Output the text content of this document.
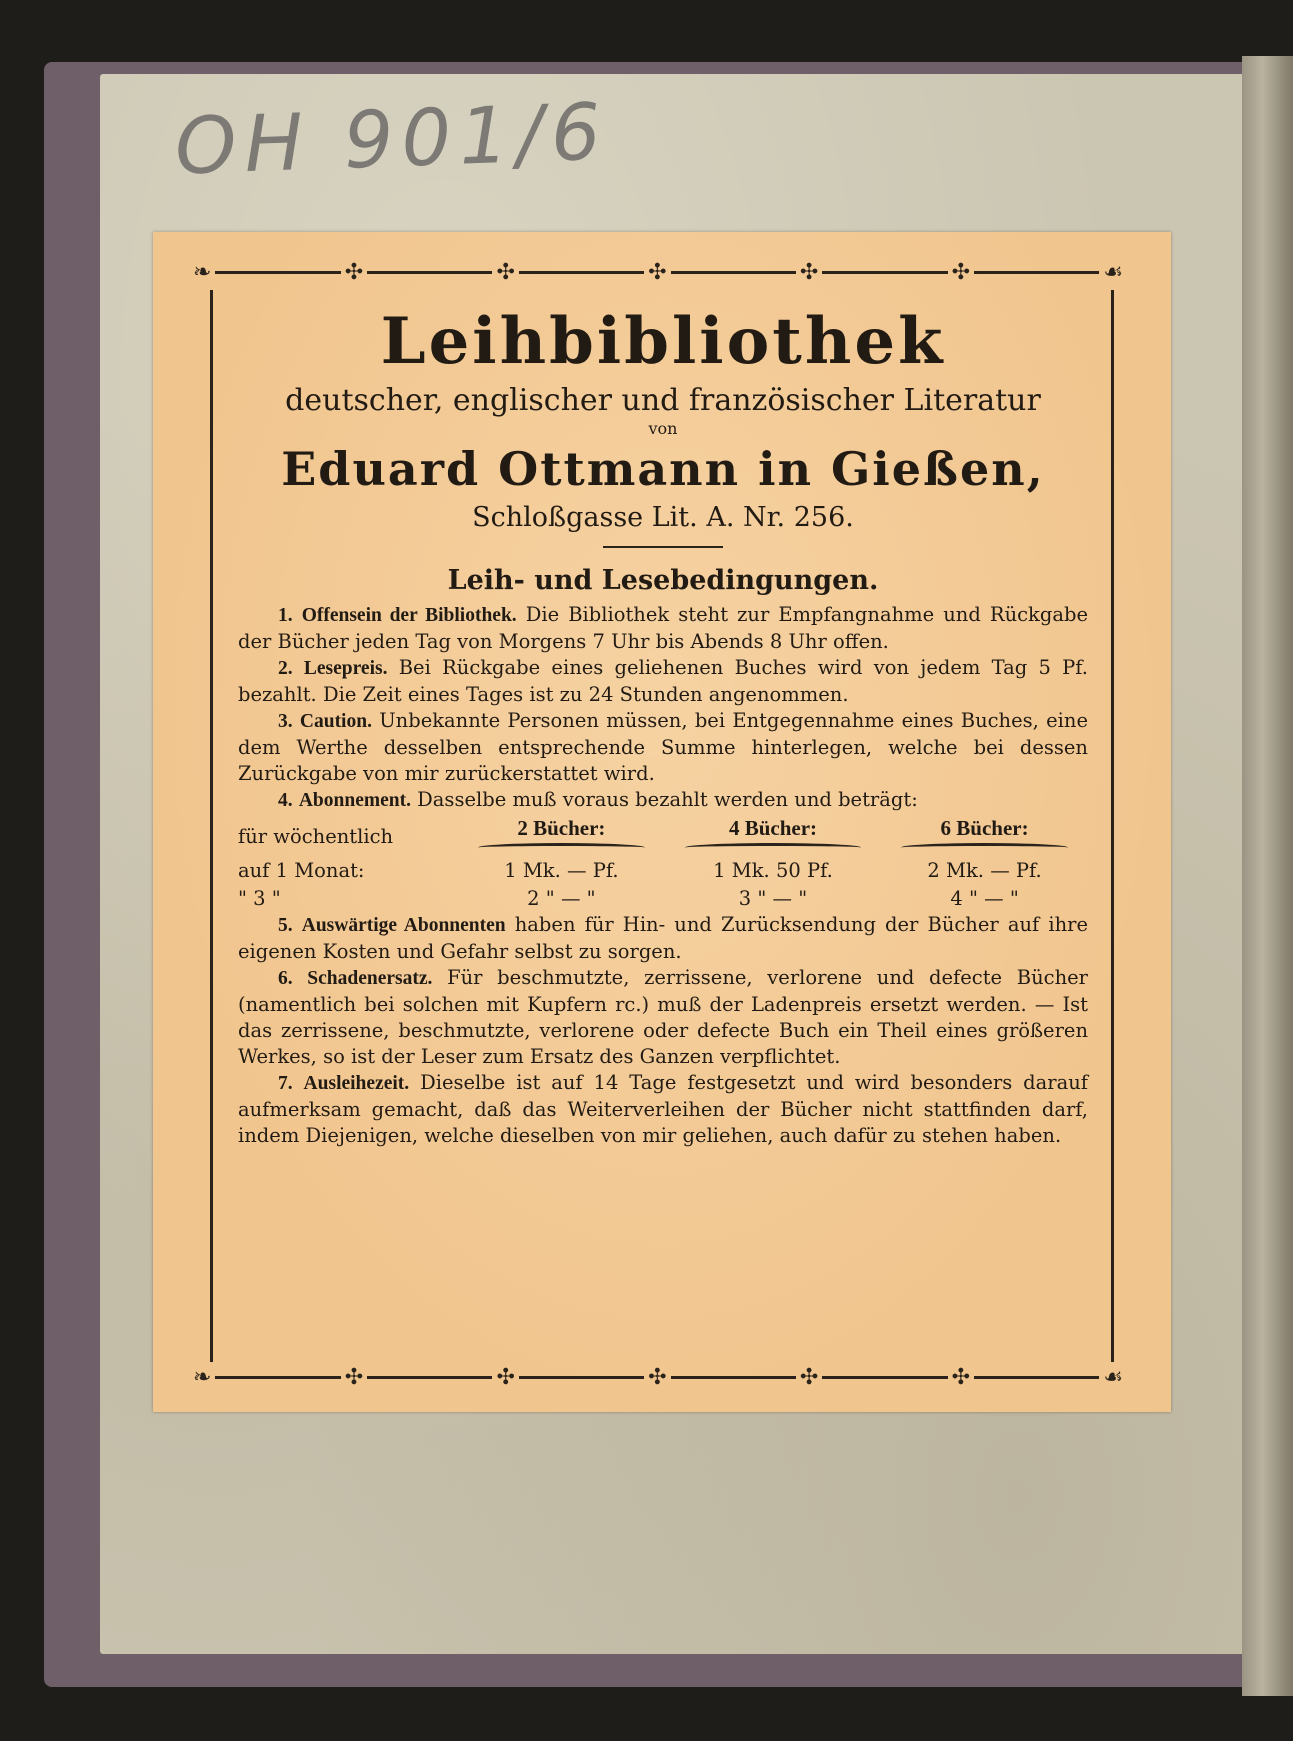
OH 901/6
❧	✣	✣	✣	✣	✣	☙
❧	✣	✣	✣	✣	✣	☙

Leihbibliothek

deutscher, englischer und französischer Literatur

von

Eduard Ottmann in Gießen,

Schloßgasse Lit. A. Nr. 256.

Leih- und Lesebedingungen.

1. Offensein der Bibliothek. Die Bibliothek steht zur Empfangnahme und Rückgabe der Bücher jeden Tag von Morgens 7 Uhr bis Abends 8 Uhr offen.

2. Lesepreis. Bei Rückgabe eines geliehenen Buches wird von jedem Tag 5 Pf. bezahlt. Die Zeit eines Tages ist zu 24 Stunden angenommen.

3. Caution. Unbekannte Personen müssen, bei Entgegennahme eines Buches, eine dem Werthe desselben entsprechende Summe hinterlegen, welche bei dessen Zurückgabe von mir zurückerstattet wird.

4. Abonnement. Dasselbe muß voraus bezahlt werden und beträgt:

für wöchentlich	2 Bücher:	4 Bücher:	6 Bücher:

auf 1 Monat:	1 Mk. — Pf.	1 Mk. 50 Pf.	2 Mk. — Pf.
" 3 "	2 " — "	3 " — "	4 " — "

5. Auswärtige Abonnenten haben für Hin- und Zurücksendung der Bücher auf ihre eigenen Kosten und Gefahr selbst zu sorgen.

6. Schadenersatz. Für beschmutzte, zerrissene, verlorene und defecte Bücher (namentlich bei solchen mit Kupfern rc.) muß der Ladenpreis ersetzt werden. — Ist das zerrissene, beschmutzte, verlorene oder defecte Buch ein Theil eines größeren Werkes, so ist der Leser zum Ersatz des Ganzen verpflichtet.

7. Ausleihezeit. Dieselbe ist auf 14 Tage festgesetzt und wird besonders darauf aufmerksam gemacht, daß das Weiterverleihen der Bücher nicht stattfinden darf, indem Diejenigen, welche dieselben von mir geliehen, auch dafür zu stehen haben.
